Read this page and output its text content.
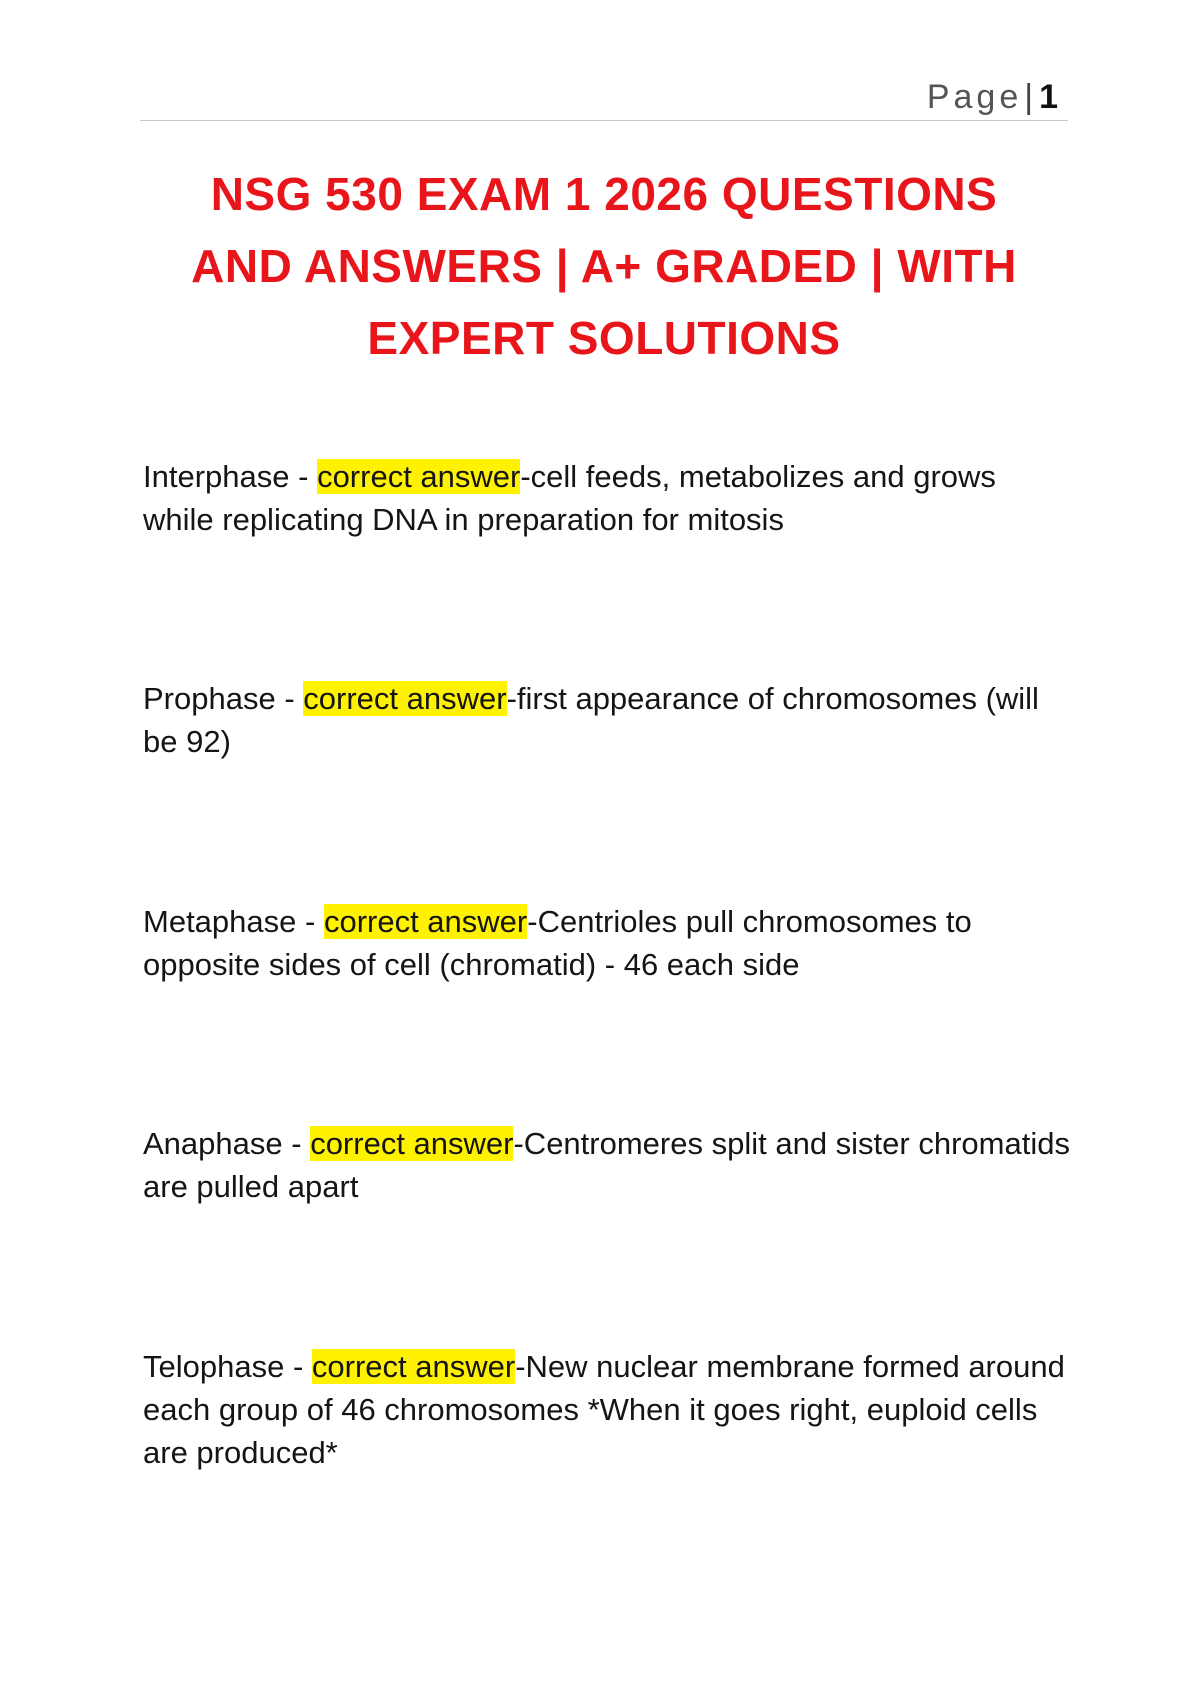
Page| 1
NSG 530 EXAM 1 2026 QUESTIONS
AND ANSWERS | A+ GRADED | WITH
EXPERT SOLUTIONS

Interphase - correct answer-cell feeds, metabolizes and grows while replicating DNA in preparation for mitosis

Prophase - correct answer-first appearance of chromosomes (will be 92)

Metaphase - correct answer-Centrioles pull chromosomes to opposite sides of cell (chromatid) - 46 each side

Anaphase - correct answer-Centromeres split and sister chromatids are pulled apart

Telophase - correct answer-New nuclear membrane formed around each group of 46 chromosomes *When it goes right, euploid cells are produced*
